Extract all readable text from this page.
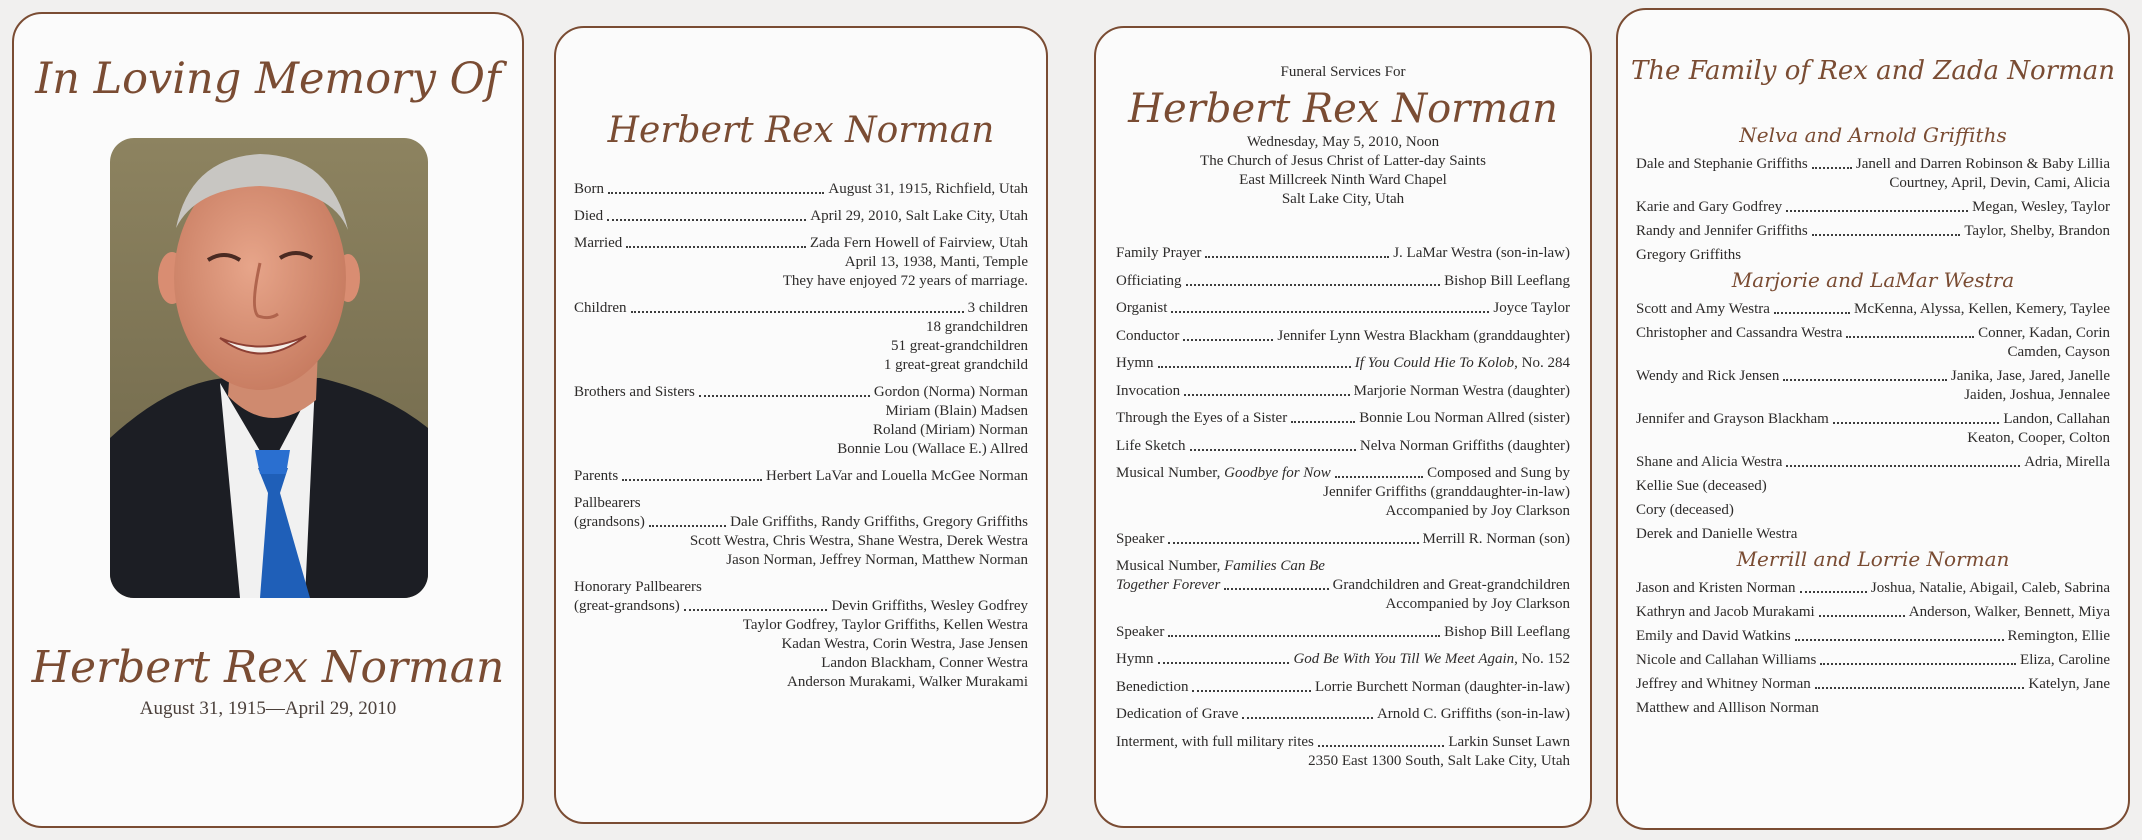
In Loving Memory Of
Herbert Rex Norman
August 31, 1915—April 29, 2010
Herbert Rex Norman
Born	August 31, 1915, Richfield, Utah
Died	April 29, 2010, Salt Lake City, Utah
Married	Zada Fern Howell of Fairview, Utah
April 13, 1938, Manti, Temple
They have enjoyed 72 years of marriage.
Children	3 children
18 grandchildren
51 great-grandchildren
1 great-great grandchild
Brothers and Sisters	Gordon (Norma) Norman
Miriam (Blain) Madsen
Roland (Miriam) Norman
Bonnie Lou (Wallace E.) Allred
Parents	Herbert LaVar and Louella McGee Norman
Pallbearers
(grandsons)	Dale Griffiths, Randy Griffiths, Gregory Griffiths
Scott Westra, Chris Westra, Shane Westra, Derek Westra
Jason Norman, Jeffrey Norman, Matthew Norman
Honorary Pallbearers
(great-grandsons)	Devin Griffiths, Wesley Godfrey
Taylor Godfrey, Taylor Griffiths, Kellen Westra
Kadan Westra, Corin Westra, Jase Jensen
Landon Blackham, Conner Westra
Anderson Murakami, Walker Murakami
Funeral Services For
Herbert Rex Norman
Wednesday, May 5, 2010, Noon
The Church of Jesus Christ of Latter-day Saints
East Millcreek Ninth Ward Chapel
Salt Lake City, Utah
Family Prayer	J. LaMar Westra (son-in-law)
Officiating	Bishop Bill Leeflang
Organist	Joyce Taylor
Conductor	Jennifer Lynn Westra Blackham (granddaughter)
Hymn	If You Could Hie To Kolob, No. 284
Invocation	Marjorie Norman Westra (daughter)
Through the Eyes of a Sister	Bonnie Lou Norman Allred (sister)
Life Sketch	Nelva Norman Griffiths (daughter)
Musical Number, Goodbye for Now	Composed and Sung by
Jennifer Griffiths (granddaughter-in-law)
Accompanied by Joy Clarkson
Speaker	Merrill R. Norman (son)
Musical Number, Families Can Be
Together Forever	Grandchildren and Great-grandchildren
Accompanied by Joy Clarkson
Speaker	Bishop Bill Leeflang
Hymn	God Be With You Till We Meet Again, No. 152
Benediction	Lorrie Burchett Norman (daughter-in-law)
Dedication of Grave	Arnold C. Griffiths (son-in-law)
Interment, with full military rites	Larkin Sunset Lawn
2350 East 1300 South, Salt Lake City, Utah
The Family of Rex and Zada Norman
Nelva and Arnold Griffiths
Dale and Stephanie Griffiths	Janell and Darren Robinson & Baby Lillia
Courtney, April, Devin, Cami, Alicia
Karie and Gary Godfrey	Megan, Wesley, Taylor
Randy and Jennifer Griffiths	Taylor, Shelby, Brandon
Gregory Griffiths
Marjorie and LaMar Westra
Scott and Amy Westra	McKenna, Alyssa, Kellen, Kemery, Taylee
Christopher and Cassandra Westra	Conner, Kadan, Corin
Camden, Cayson
Wendy and Rick Jensen	Janika, Jase, Jared, Janelle
Jaiden, Joshua, Jennalee
Jennifer and Grayson Blackham	Landon, Callahan
Keaton, Cooper, Colton
Shane and Alicia Westra	Adria, Mirella
Kellie Sue (deceased)
Cory (deceased)
Derek and Danielle Westra
Merrill and Lorrie Norman
Jason and Kristen Norman	Joshua, Natalie, Abigail, Caleb, Sabrina
Kathryn and Jacob Murakami	Anderson, Walker, Bennett, Miya
Emily and David Watkins	Remington, Ellie
Nicole and Callahan Williams	Eliza, Caroline
Jeffrey and Whitney Norman	Katelyn, Jane
Matthew and Alllison Norman
